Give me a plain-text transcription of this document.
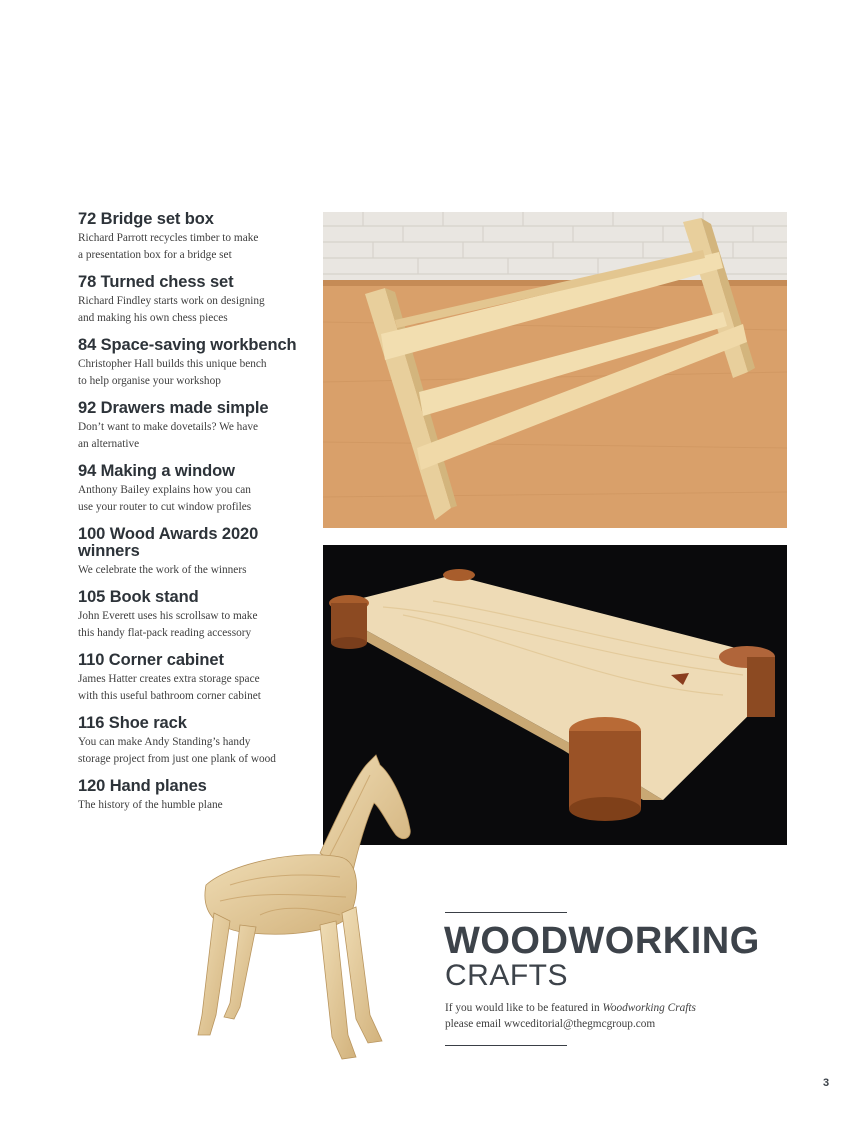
72 Bridge set box
Richard Parrott recycles timber to make
a presentation box for a bridge set
78 Turned chess set
Richard Findley starts work on designing
and making his own chess pieces
84 Space-saving workbench
Christopher Hall builds this unique bench
to help organise your workshop
92 Drawers made simple
Don’t want to make dovetails? We have
an alternative
94 Making a window
Anthony Bailey explains how you can
use your router to cut window profiles
100 Wood Awards 2020
winners
We celebrate the work of the winners
105 Book stand
John Everett uses his scrollsaw to make
this handy flat-pack reading accessory
110 Corner cabinet
James Hatter creates extra storage space
with this useful bathroom corner cabinet
116 Shoe rack
You can make Andy Standing’s handy
storage project from just one plank of wood
120 Hand planes
The history of the humble plane
WOODWORKING
CRAFTS
If you would like to be featured in Woodworking Crafts
please email wwceditorial@thegmcgroup.com
3
